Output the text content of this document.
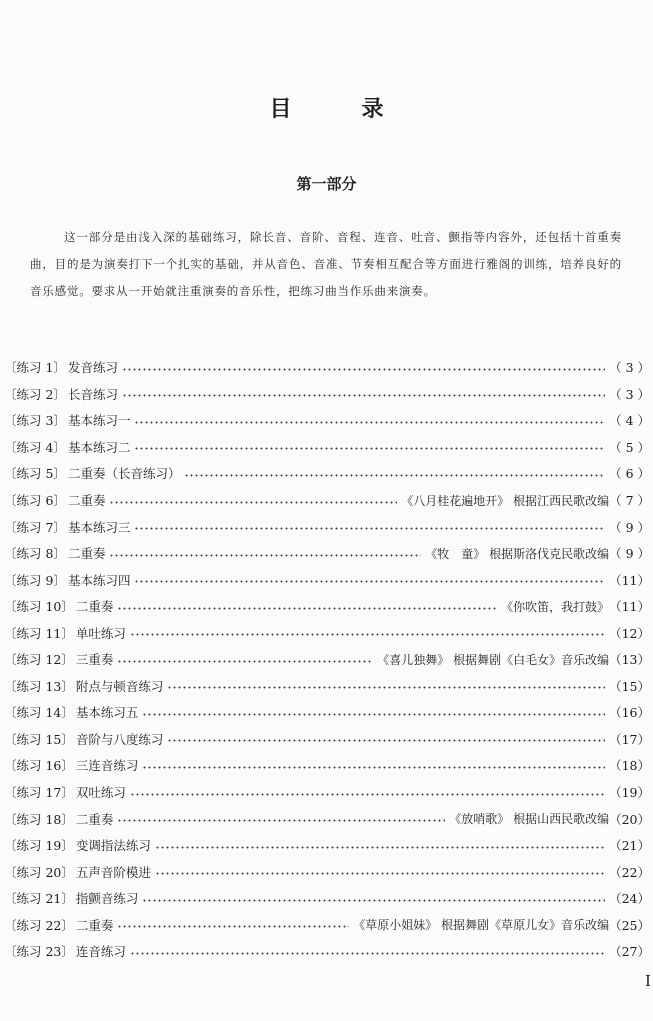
目	录
第一部分
这一部分是由浅入深的基础练习，除长音、音阶、音程、连音、吐音、颤指等内容外，还包括十首重奏曲，目的是为演奏打下一个扎实的基础，并从音色、音准、节奏相互配合等方面进行雅阁的训练，培养良好的音乐感觉。要求从一开始就注重演奏的音乐性，把练习曲当作乐曲来演奏。
〔练习 1〕 发音练习	（ 3 ）
〔练习 2〕 长音练习	（ 3 ）
〔练习 3〕 基本练习一	（ 4 ）
〔练习 4〕 基本练习二	（ 5 ）
〔练习 5〕 二重奏（长音练习）	（ 6 ）
〔练习 6〕 二重奏	《八月桂花遍地开》 根据江西民歌改编 （ 7 ）
〔练习 7〕 基本练习三	（ 9 ）
〔练习 8〕 二重奏	《牧　童》 根据斯洛伐克民歌改编 （ 9 ）
〔练习 9〕 基本练习四	（11）
〔练习 10〕 二重奏	《你吹笛，我打鼓》 （11）
〔练习 11〕 单吐练习	（12）
〔练习 12〕 三重奏	《喜儿独舞》 根据舞剧《白毛女》音乐改编 （13）
〔练习 13〕 附点与顿音练习	（15）
〔练习 14〕 基本练习五	（16）
〔练习 15〕 音阶与八度练习	（17）
〔练习 16〕 三连音练习	（18）
〔练习 17〕 双吐练习	（19）
〔练习 18〕 二重奏	《放哨歌》 根据山西民歌改编 （20）
〔练习 19〕 变调指法练习	（21）
〔练习 20〕 五声音阶模进	（22）
〔练习 21〕 指颤音练习	（24）
〔练习 22〕 二重奏	《草原小姐妹》 根据舞剧《草原儿女》音乐改编 （25）
〔练习 23〕 连音练习	（27）
I
